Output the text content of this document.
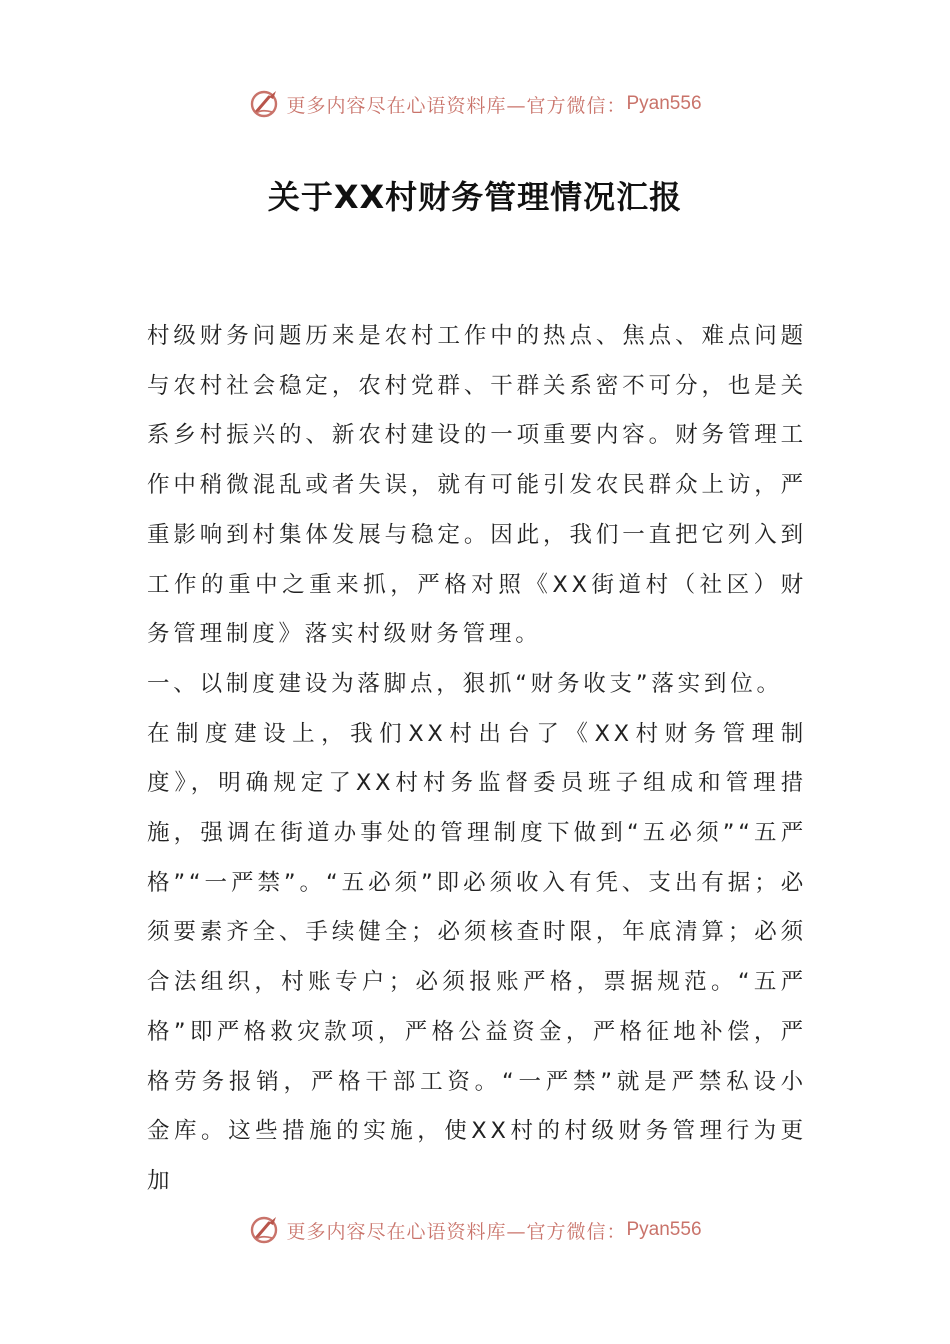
更多内容尽在心语资料库—官方微信： Pyan556
关于XX村财务管理情况汇报

村级财务问题历来是农村工作中的热点、焦点、难点问题与农村社会稳定，农村党群、干群关系密不可分，也是关系乡村振兴的、新农村建设的一项重要内容。财务管理工作中稍微混乱或者失误，就有可能引发农民群众上访，严重影响到村集体发展与稳定。因此，我们一直把它列入到工作的重中之重来抓，严格对照《XX街道村（社区）财务管理制度》落实村级财务管理。

一、以制度建设为落脚点，狠抓“财务收支”落实到位。

在制度建设上，我们XX村出台了《XX村财务管理制度》，明确规定了XX村村务监督委员班子组成和管理措施，强调在街道办事处的管理制度下做到“五必须”“五严格”“一严禁”。“五必须”即必须收入有凭、支出有据；必须要素齐全、手续健全；必须核查时限，年底清算；必须合法组织，村账专户；必须报账严格，票据规范。“五严格”即严格救灾款项，严格公益资金，严格征地补偿，严格劳务报销，严格干部工资。“一严禁”就是严禁私设小金库。这些措施的实施，使XX村的村级财务管理行为更加

更多内容尽在心语资料库—官方微信： Pyan556
